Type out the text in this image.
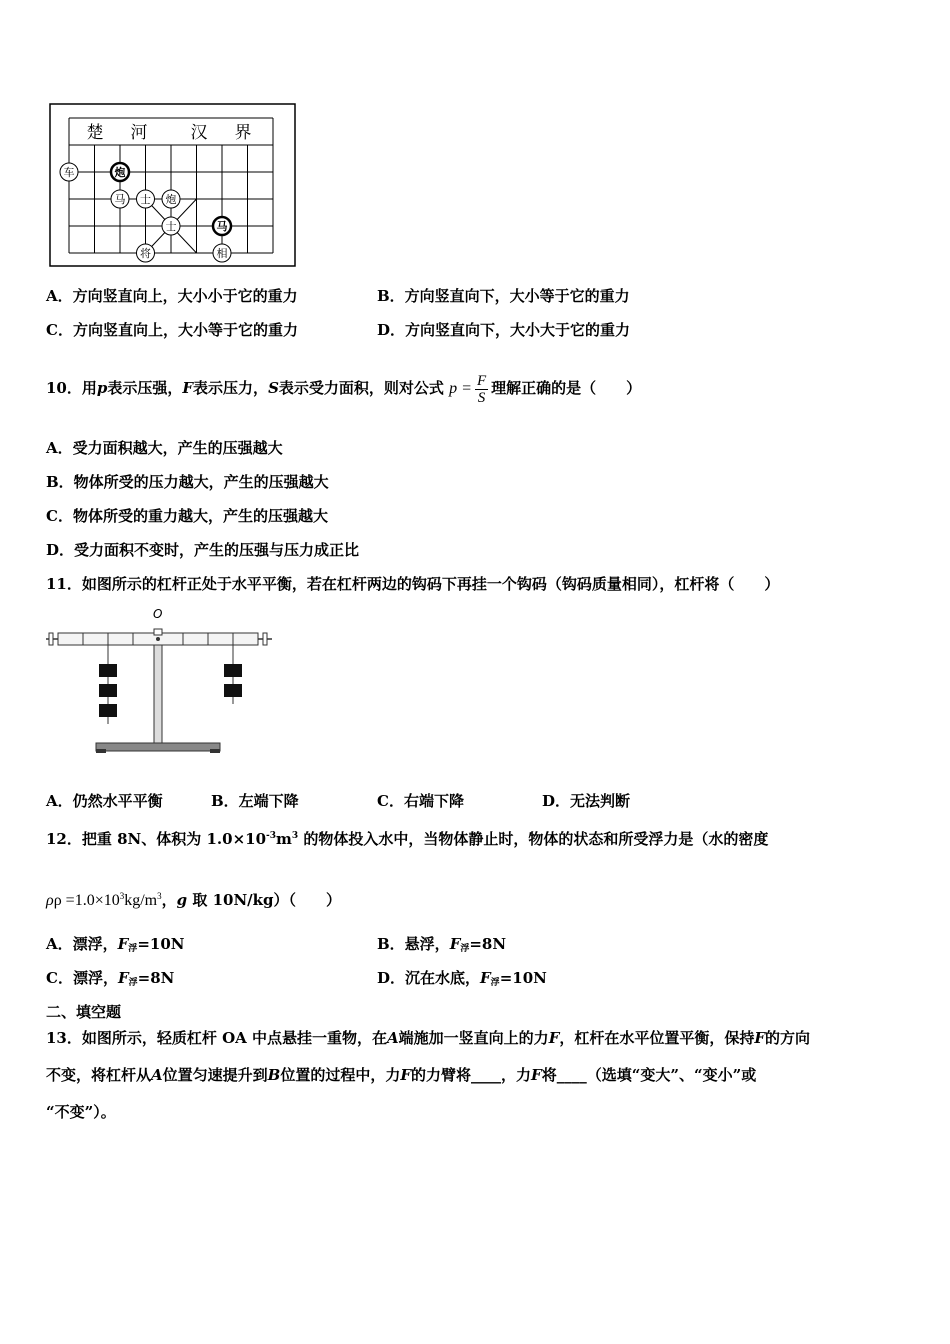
楚 河	汉 界
车	炮
马 士 炮
士	马
将	相
A．方向竖直向上，大小小于它的重力	B．方向竖直向下，大小等于它的重力
C．方向竖直向上，大小等于它的重力	D．方向竖直向下，大小大于它的重力
10．用p表示压强，F表示压力，S表示受力面积，则对公式 $p = \frac{F}{S}$ 理解正确的是（　　）
A．受力面积越大，产生的压强越大
B．物体所受的压力越大，产生的压强越大
C．物体所受的重力越大，产生的压强越大
D．受力面积不变时，产生的压强与压力成正比
11．如图所示的杠杆正处于水平平衡，若在杠杆两边的钩码下再挂一个钩码（钩码质量相同），杠杆将（　　）
O
A．仍然水平平衡	B．左端下降	C．右端下降	D．无法判断
12．把重 8N、体积为 $1.0\times 10^{-3}m^3$ 的物体投入水中，当物体静止时，物体的状态和所受浮力是（水的密度
$\rho\rho =1.0\times 10^3kg/m^3$，g 取 10N/kg）（　　）
A．漂浮，$F_浮=10N$	B．悬浮，$F_浮=8N$
C．漂浮，$F_浮=8N$	D．沉在水底，$F_浮=10N$
二、填空题
13．如图所示，轻质杠杆 OA 中点悬挂一重物，在A端施加一竖直向上的力F，杠杆在水平位置平衡，保持F的方向
不变，将杠杆从A位置匀速提升到B位置的过程中，力F的力臂将____，力F将____（选填“变大”、“变小”或
“不变”）。
